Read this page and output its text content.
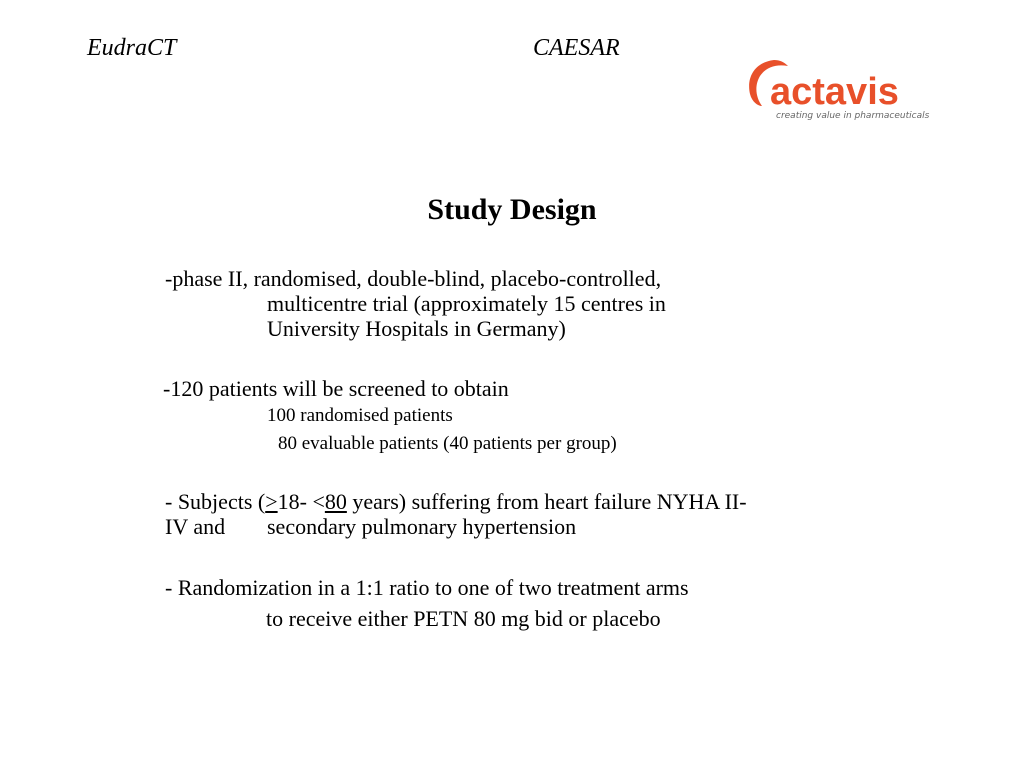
EudraCT	CAESAR
actavis
creating value in pharmaceuticals
Study Design
-phase II, randomised, double-blind, placebo-controlled,
multicentre trial (approximately 15 centres in
University Hospitals in Germany)
-120 patients will be screened to obtain
100 randomised patients
80 evaluable patients (40 patients per group)
- Subjects (≥18- <80 years) suffering from heart failure NYHA II-
IV and secondary pulmonary hypertension
- Randomization in a 1:1 ratio to one of two treatment arms
to receive either PETN 80 mg bid or placebo
